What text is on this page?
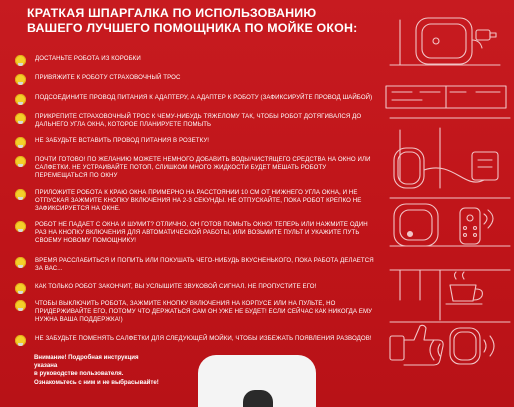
КРАТКАЯ ШПАРГАЛКА ПО ИСПОЛЬЗОВАНИЮ
ВАШЕГО ЛУЧШЕГО ПОМОЩНИКА ПО МОЙКЕ ОКОН:
ДОСТАНЬТЕ РОБОТА ИЗ КОРОБКИ
ПРИВЯЖИТЕ К РОБОТУ СТРАХОВОЧНЫЙ ТРОС
ПОДСОЕДИНИТЕ ПРОВОД ПИТАНИЯ К АДАПТЕРУ, А АДАПТЕР К РОБОТУ (ЗАФИКСИРУЙТЕ ПРОВОД ШАЙБОЙ)
ПРИКРЕПИТЕ СТРАХОВОЧНЫЙ ТРОС К ЧЕМУ-НИБУДЬ ТЯЖЕЛОМУ ТАК, ЧТОБЫ РОБОТ ДОТЯГИВАЛСЯ ДО ДАЛЬНЕГО УГЛА ОКНА, КОТОРОЕ ПЛАНИРУЕТЕ ПОМЫТЬ
НЕ ЗАБУДЬТЕ ВСТАВИТЬ ПРОВОД ПИТАНИЯ В РОЗЕТКУ!
ПОЧТИ ГОТОВО! ПО ЖЕЛАНИЮ МОЖЕТЕ НЕМНОГО ДОБАВИТЬ ВОДЫ/ЧИСТЯЩЕГО СРЕДСТВА НА ОКНО ИЛИ САЛФЕТКИ. НЕ УСТРАИВАЙТЕ ПОТОП, СЛИШКОМ МНОГО ЖИДКОСТИ БУДЕТ МЕШАТЬ РОБОТУ ПЕРЕМЕЩАТЬСЯ ПО ОКНУ
ПРИЛОЖИТЕ РОБОТА К КРАЮ ОКНА ПРИМЕРНО НА РАССТОЯНИИ 10 СМ ОТ НИЖНЕГО УГЛА ОКНА, И НЕ ОТПУСКАЯ ЗАЖМИТЕ КНОПКУ ВКЛЮЧЕНИЯ НА 2-3 СЕКУНДЫ. НЕ ОТПУСКАЙТЕ, ПОКА РОБОТ КРЕПКО НЕ ЗАФИКСИРУЕТСЯ НА ОКНЕ.
РОБОТ НЕ ПАДАЕТ С ОКНА И ШУМИТ? ОТЛИЧНО, ОН ГОТОВ ПОМЫТЬ ОКНО! ТЕПЕРЬ ИЛИ НАЖМИТЕ ОДИН РАЗ НА КНОПКУ ВКЛЮЧЕНИЯ ДЛЯ АВТОМАТИЧЕСКОЙ РАБОТЫ, ИЛИ ВОЗЬМИТЕ ПУЛЬТ И УКАЖИТЕ ПУТЬ СВОЕМУ НОВОМУ ПОМОЩНИКУ!
ВРЕМЯ РАССЛАБИТЬСЯ И ПОПИТЬ ИЛИ ПОКУШАТЬ ЧЕГО-НИБУДЬ ВКУСНЕНЬКОГО, ПОКА РАБОТА ДЕЛАЕТСЯ ЗА ВАС...
КАК ТОЛЬКО РОБОТ ЗАКОНЧИТ, ВЫ УСЛЫШИТЕ ЗВУКОВОЙ СИГНАЛ. НЕ ПРОПУСТИТЕ ЕГО!
ЧТОБЫ ВЫКЛЮЧИТЬ РОБОТА, ЗАЖМИТЕ КНОПКУ ВКЛЮЧЕНИЯ НА КОРПУСЕ ИЛИ НА ПУЛЬТЕ, НО ПРИДЕРЖИВАЙТЕ ЕГО, ПОТОМУ ЧТО ДЕРЖАТЬСЯ САМ ОН УЖЕ НЕ БУДЕТ! ЕСЛИ СЕЙЧАС КАК НИКОГДА ЕМУ НУЖНА ВАША ПОДДЕРЖКА!)
НЕ ЗАБУДЬТЕ ПОМЕНЯТЬ САЛФЕТКИ ДЛЯ СЛЕДУЮЩЕЙ МОЙКИ, ЧТОБЫ ИЗБЕЖАТЬ ПОЯВЛЕНИЯ РАЗВОДОВ!
Внимание! Подробная инструкция указана
в руководстве пользователя.
Ознакомьтесь с ним и не выбрасывайте!
